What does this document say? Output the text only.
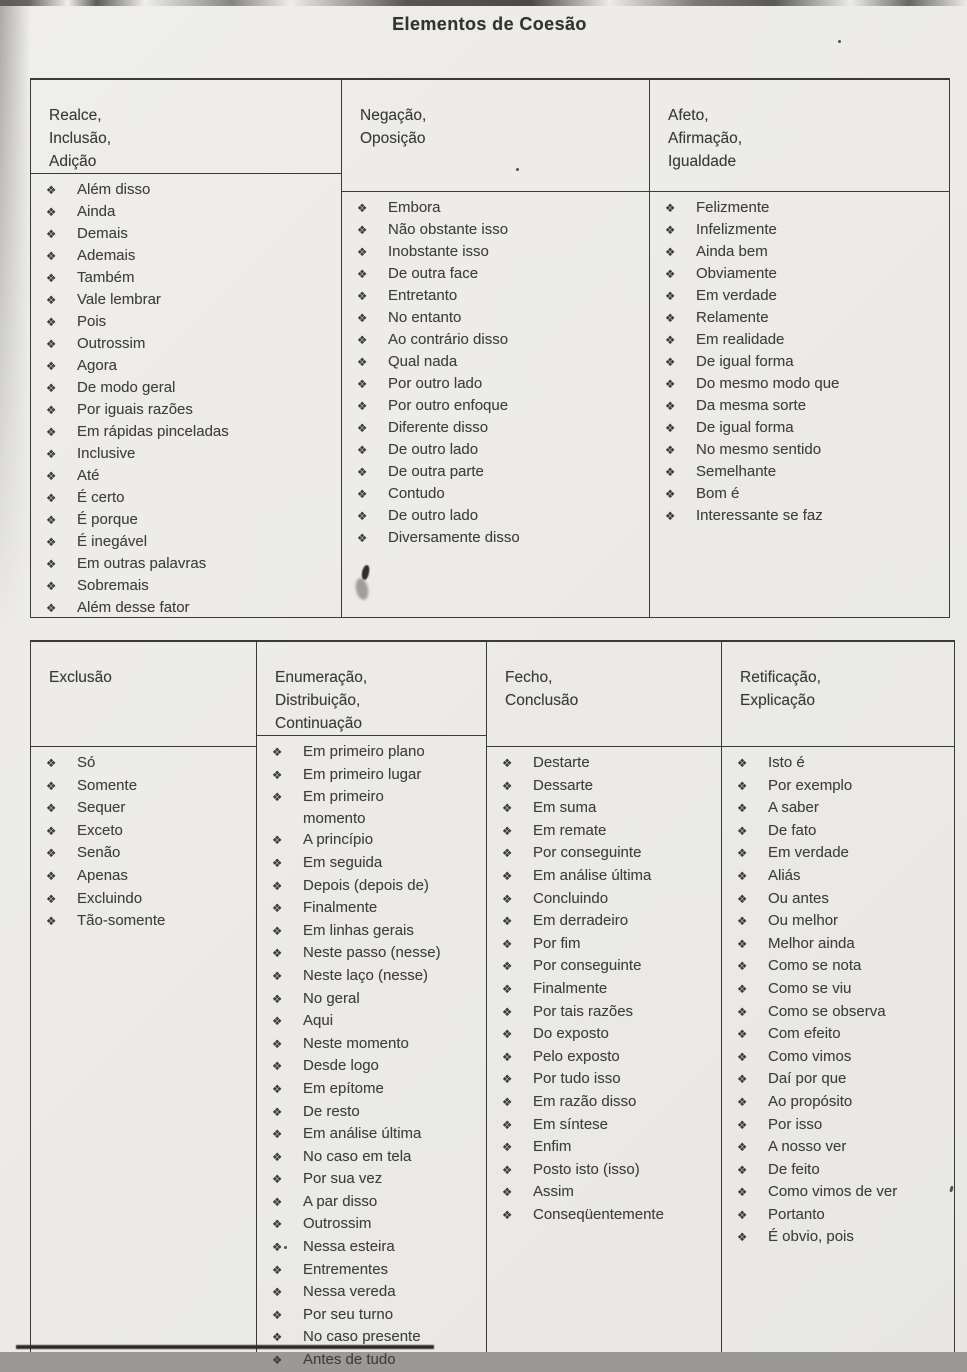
Elementos de Coesão
Realce,
Inclusão,
Adição
❖	Além disso
❖	Ainda
❖	Demais
❖	Ademais
❖	Também
❖	Vale lembrar
❖	Pois
❖	Outrossim
❖	Agora
❖	De modo geral
❖	Por iguais razões
❖	Em rápidas pinceladas
❖	Inclusive
❖	Até
❖	É certo
❖	É porque
❖	É inegável
❖	Em outras palavras
❖	Sobremais
❖	Além desse fator
Negação,
Oposição
❖	Embora
❖	Não obstante isso
❖	Inobstante isso
❖	De outra face
❖	Entretanto
❖	No entanto
❖	Ao contrário disso
❖	Qual nada
❖	Por outro lado
❖	Por outro enfoque
❖	Diferente disso
❖	De outro lado
❖	De outra parte
❖	Contudo
❖	De outro lado
❖	Diversamente disso
Afeto,
Afirmação,
Igualdade
❖	Felizmente
❖	Infelizmente
❖	Ainda bem
❖	Obviamente
❖	Em verdade
❖	Relamente
❖	Em realidade
❖	De igual forma
❖	Do mesmo modo que
❖	Da mesma sorte
❖	De igual forma
❖	No mesmo sentido
❖	Semelhante
❖	Bom é
❖	Interessante se faz
Exclusão
❖	Só
❖	Somente
❖	Sequer
❖	Exceto
❖	Senão
❖	Apenas
❖	Excluindo
❖	Tão-somente
Enumeração,
Distribuição,
Continuação
❖	Em primeiro plano
❖	Em primeiro lugar
❖	Em primeiro momento
❖	A princípio
❖	Em seguida
❖	Depois (depois de)
❖	Finalmente
❖	Em linhas gerais
❖	Neste passo (nesse)
❖	Neste laço (nesse)
❖	No geral
❖	Aqui
❖	Neste momento
❖	Desde logo
❖	Em epítome
❖	De resto
❖	Em análise última
❖	No caso em tela
❖	Por sua vez
❖	A par disso
❖	Outrossim
❖	Nessa esteira
❖	Entrementes
❖	Nessa vereda
❖	Por seu turno
❖	No caso presente
❖	Antes de tudo
Fecho,
Conclusão
❖	Destarte
❖	Dessarte
❖	Em suma
❖	Em remate
❖	Por conseguinte
❖	Em análise última
❖	Concluindo
❖	Em derradeiro
❖	Por fim
❖	Por conseguinte
❖	Finalmente
❖	Por tais razões
❖	Do exposto
❖	Pelo exposto
❖	Por tudo isso
❖	Em razão disso
❖	Em síntese
❖	Enfim
❖	Posto isto (isso)
❖	Assim
❖	Conseqüentemente
Retificação,
Explicação
❖	Isto é
❖	Por exemplo
❖	A saber
❖	De fato
❖	Em verdade
❖	Aliás
❖	Ou antes
❖	Ou melhor
❖	Melhor ainda
❖	Como se nota
❖	Como se viu
❖	Como se observa
❖	Com efeito
❖	Como vimos
❖	Daí por que
❖	Ao propósito
❖	Por isso
❖	A nosso ver
❖	De feito
❖	Como vimos de ver
❖	Portanto
❖	É obvio, pois
